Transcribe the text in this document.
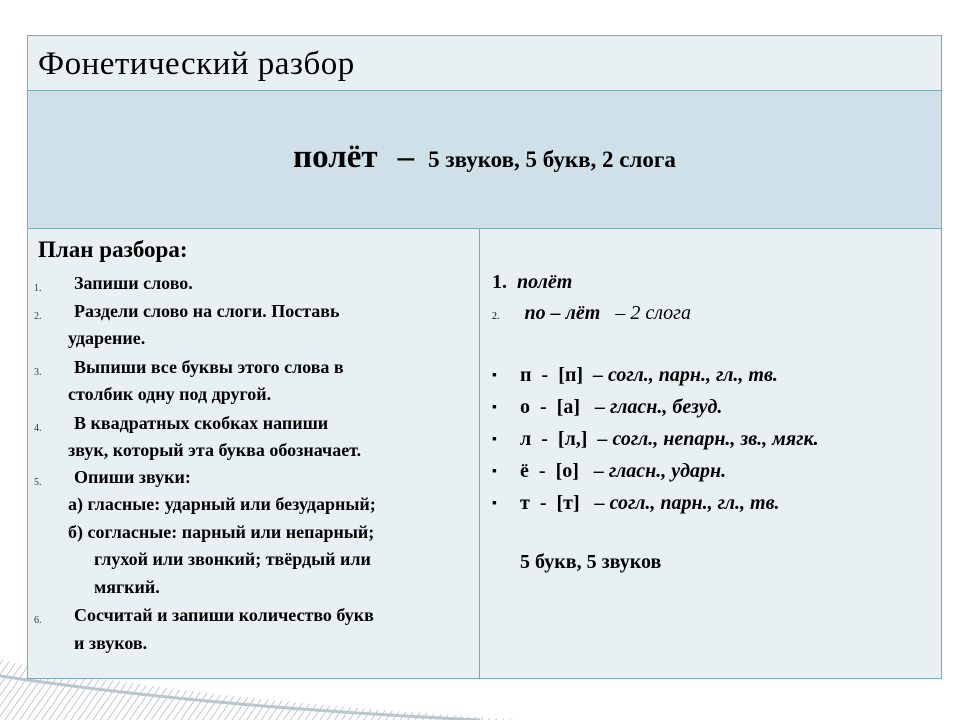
Фонетический разбор
полёт – 5 звуков, 5 букв, 2 слога
План разбора:
1. Запиши слово.
2. Раздели слово на слоги. Поставь
ударение.
3. Выпиши все буквы этого слова в
столбик одну под другой.
4. В квадратных скобках напиши
звук, который эта буква обозначает.
5. Опиши звуки:
а) гласные: ударный или безударный;
б) согласные: парный или непарный;
глухой или звонкий; твёрдый или
мягкий.
6. Сосчитай и запиши количество букв
и звуков.
1. полёт
2. по – лёт – 2 слога
▪ п - [п] – согл., парн., гл., тв.
▪ о - [а]   – гласн., безуд.
▪ л - [л,] – согл., непарн., зв., мягк.
▪ ё - [о]   – гласн., ударн.
▪ т - [т]   – согл., парн., гл., тв.
5 букв, 5 звуков
